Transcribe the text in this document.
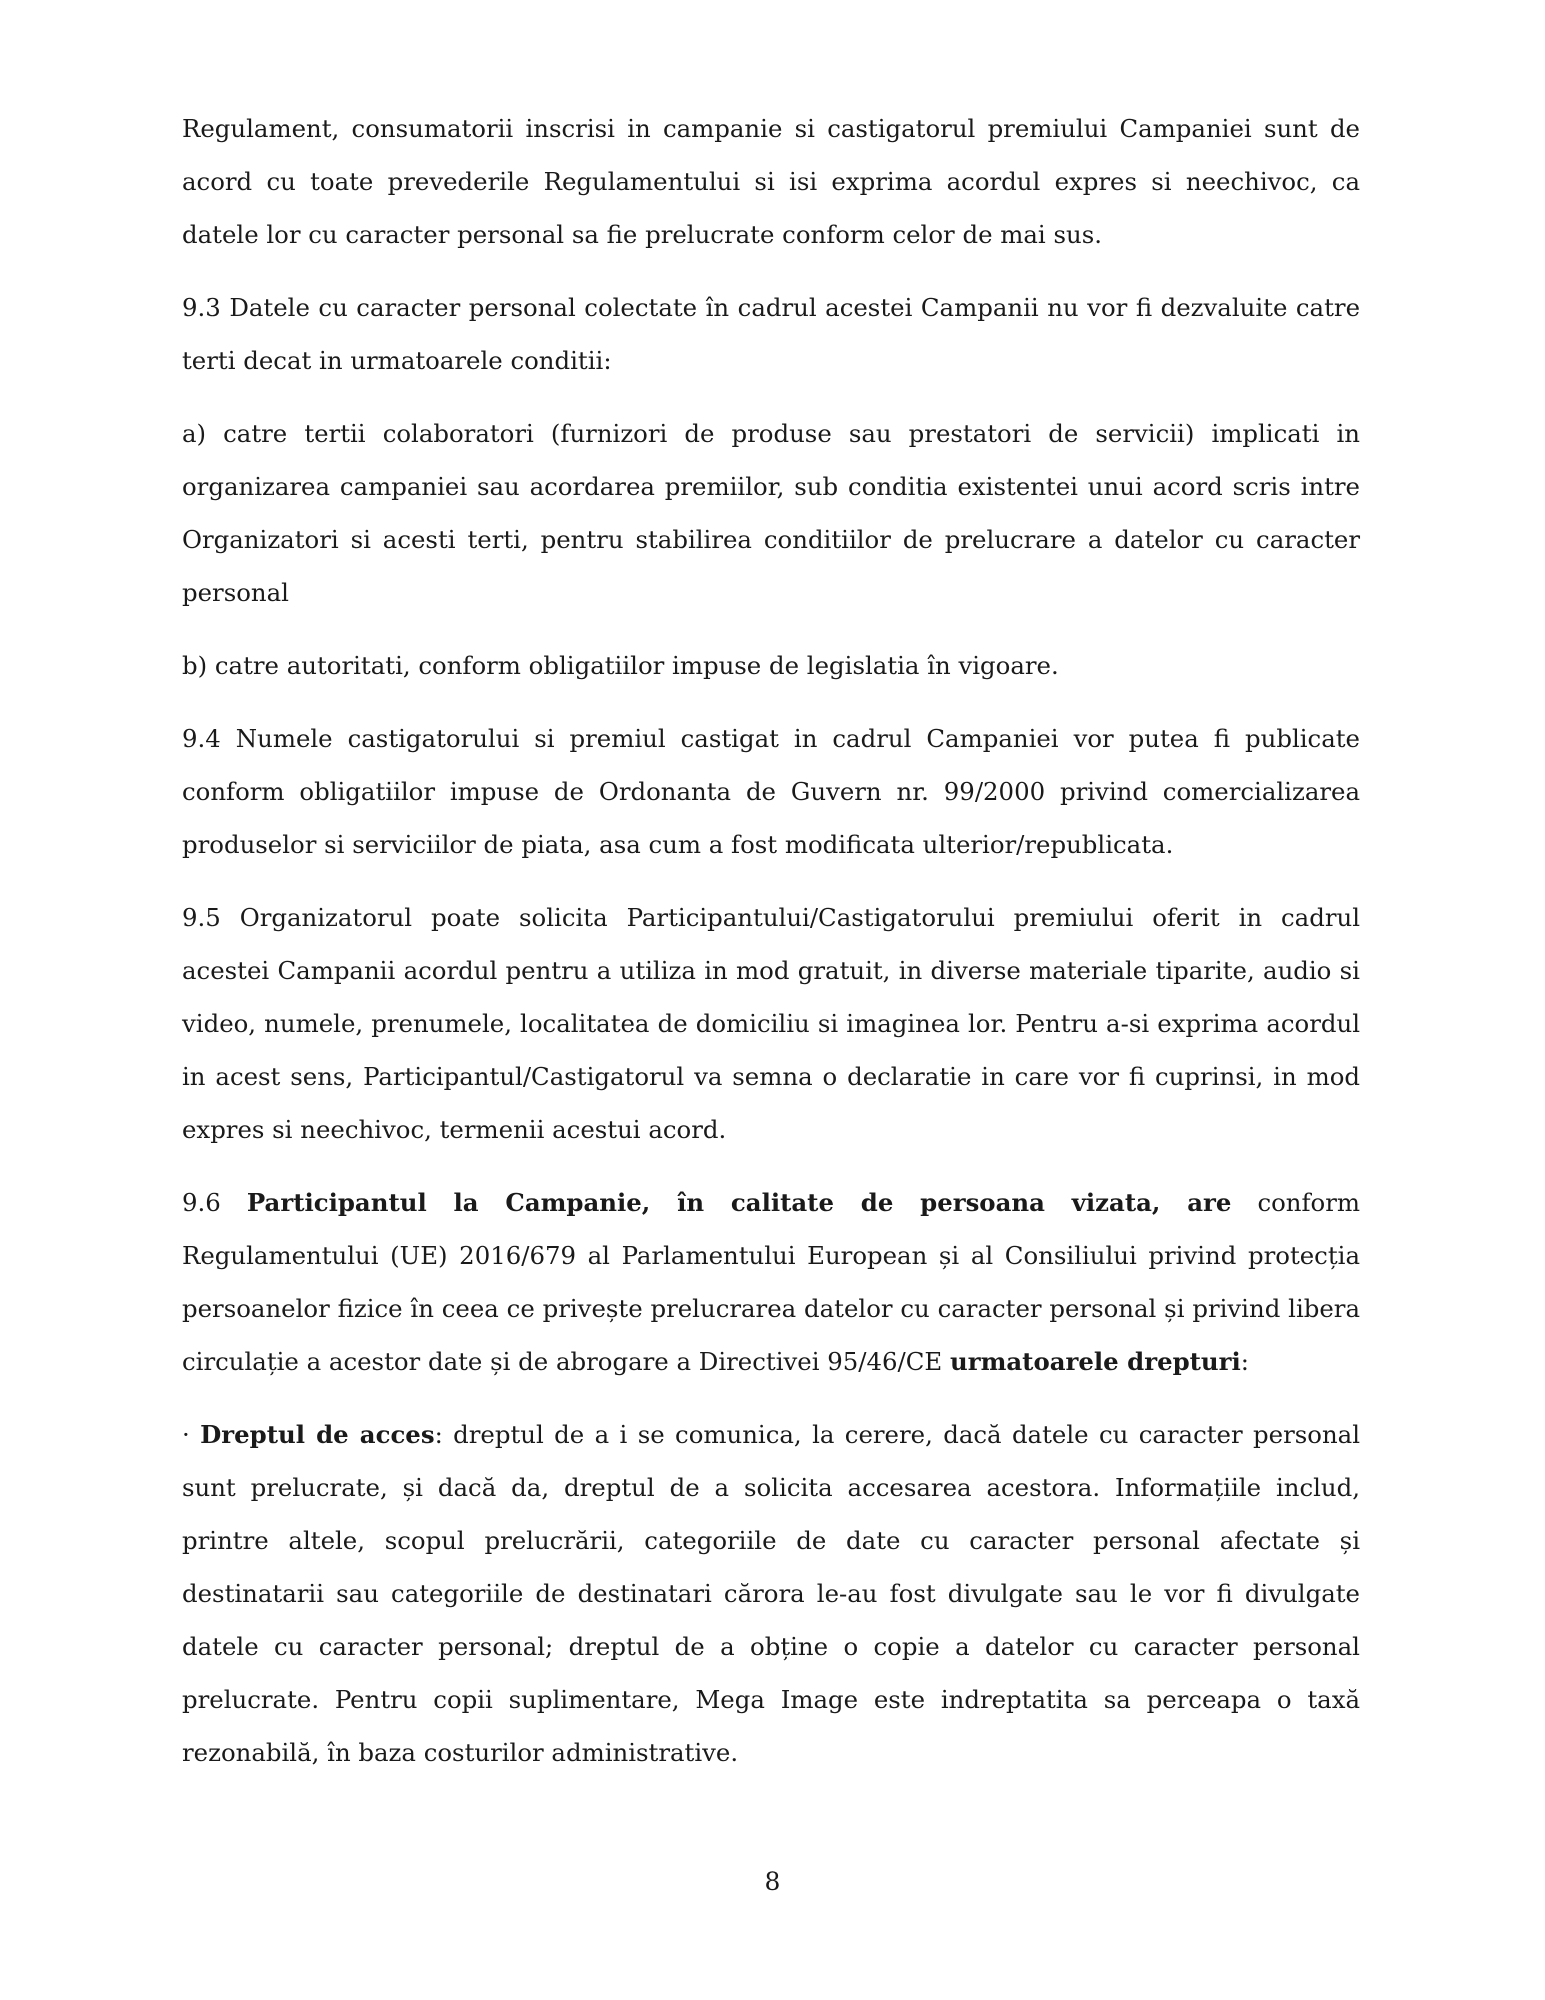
Regulament, consumatorii inscrisi in campanie si castigatorul premiului Campaniei sunt de acord cu toate prevederile Regulamentului si isi exprima acordul expres si neechivoc, ca datele lor cu caracter personal sa fie prelucrate conform celor de mai sus.

9.3 Datele cu caracter personal colectate în cadrul acestei Campanii nu vor fi dezvaluite catre terti decat in urmatoarele conditii:

a) catre tertii colaboratori (furnizori de produse sau prestatori de servicii) implicati in organizarea campaniei sau acordarea premiilor, sub conditia existentei unui acord scris intre Organizatori si acesti terti, pentru stabilirea conditiilor de prelucrare a datelor cu caracter personal

b) catre autoritati, conform obligatiilor impuse de legislatia în vigoare.

9.4 Numele castigatorului si premiul castigat in cadrul Campaniei vor putea fi publicate conform obligatiilor impuse de Ordonanta de Guvern nr. 99/2000 privind comercializarea produselor si serviciilor de piata, asa cum a fost modificata ulterior/republicata.

9.5 Organizatorul poate solicita Participantului/Castigatorului premiului oferit in cadrul acestei Campanii acordul pentru a utiliza in mod gratuit, in diverse materiale tiparite, audio si video, numele, prenumele, localitatea de domiciliu si imaginea lor. Pentru a-si exprima acordul in acest sens, Participantul/Castigatorul va semna o declaratie in care vor fi cuprinsi, in mod expres si neechivoc, termenii acestui acord.

9.6 Participantul la Campanie, în calitate de persoana vizata, are conform Regulamentului (UE) 2016/679 al Parlamentului European și al Consiliului privind protecția persoanelor fizice în ceea ce privește prelucrarea datelor cu caracter personal și privind libera circulație a acestor date și de abrogare a Directivei 95/46/CE urmatoarele drepturi:

· Dreptul de acces: dreptul de a i se comunica, la cerere, dacă datele cu caracter personal sunt prelucrate, și dacă da, dreptul de a solicita accesarea acestora. Informațiile includ, printre altele, scopul prelucrării, categoriile de date cu caracter personal afectate și destinatarii sau categoriile de destinatari cărora le-au fost divulgate sau le vor fi divulgate datele cu caracter personal; dreptul de a obține o copie a datelor cu caracter personal prelucrate. Pentru copii suplimentare, Mega Image este indreptatita sa perceapa o taxă rezonabilă, în baza costurilor administrative.

8
